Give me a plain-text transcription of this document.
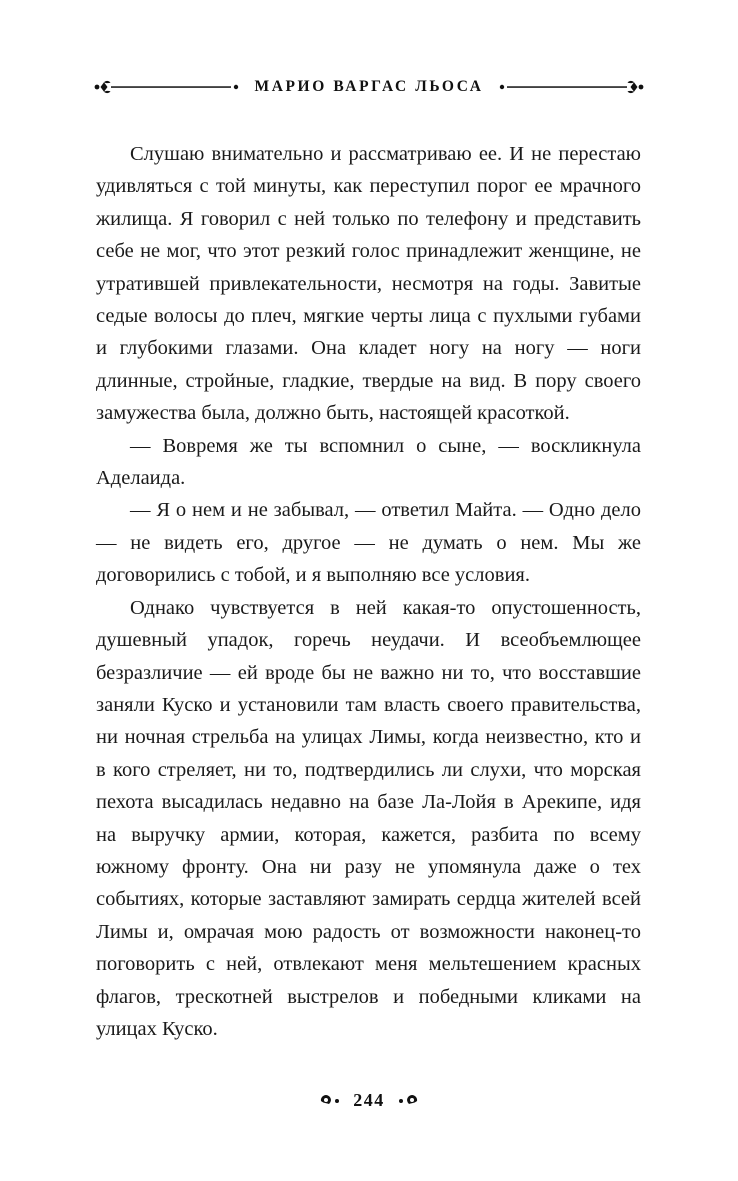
МАРИО ВАРГАС ЛЬОСА

Слушаю внимательно и рассматриваю ее. И не перестаю удивляться с той минуты, как переступил порог ее мрачного жилища. Я говорил с ней только по телефону и представить себе не мог, что этот резкий голос принадлежит женщине, не утратившей привлекательности, несмотря на годы. Завитые седые волосы до плеч, мягкие черты лица с пухлыми губами и глубокими глазами. Она кладет ногу на ногу — ноги длинные, стройные, гладкие, твердые на вид. В пору своего замужества была, должно быть, настоящей красоткой.

— Вовремя же ты вспомнил о сыне, — воскликнула Аделаида.

— Я о нем и не забывал, — ответил Майта. — Одно дело — не видеть его, другое — не думать о нем. Мы же договорились с тобой, и я выполняю все условия.

Однако чувствуется в ней какая-то опустошенность, душевный упадок, горечь неудачи. И всеобъемлющее безразличие — ей вроде бы не важно ни то, что восставшие заняли Куско и установили там власть своего правительства, ни ночная стрельба на улицах Лимы, когда неизвестно, кто и в кого стреляет, ни то, подтвердились ли слухи, что морская пехота высадилась недавно на базе Ла-Лойя в Арекипе, идя на выручку армии, которая, кажется, разбита по всему южному фронту. Она ни разу не упомянула даже о тех событиях, которые заставляют замирать сердца жителей всей Лимы и, омрачая мою радость от возможности наконец-то поговорить с ней, отвлекают меня мельтешением красных флагов, трескотней выстрелов и победными кликами на улицах Куско.

244
